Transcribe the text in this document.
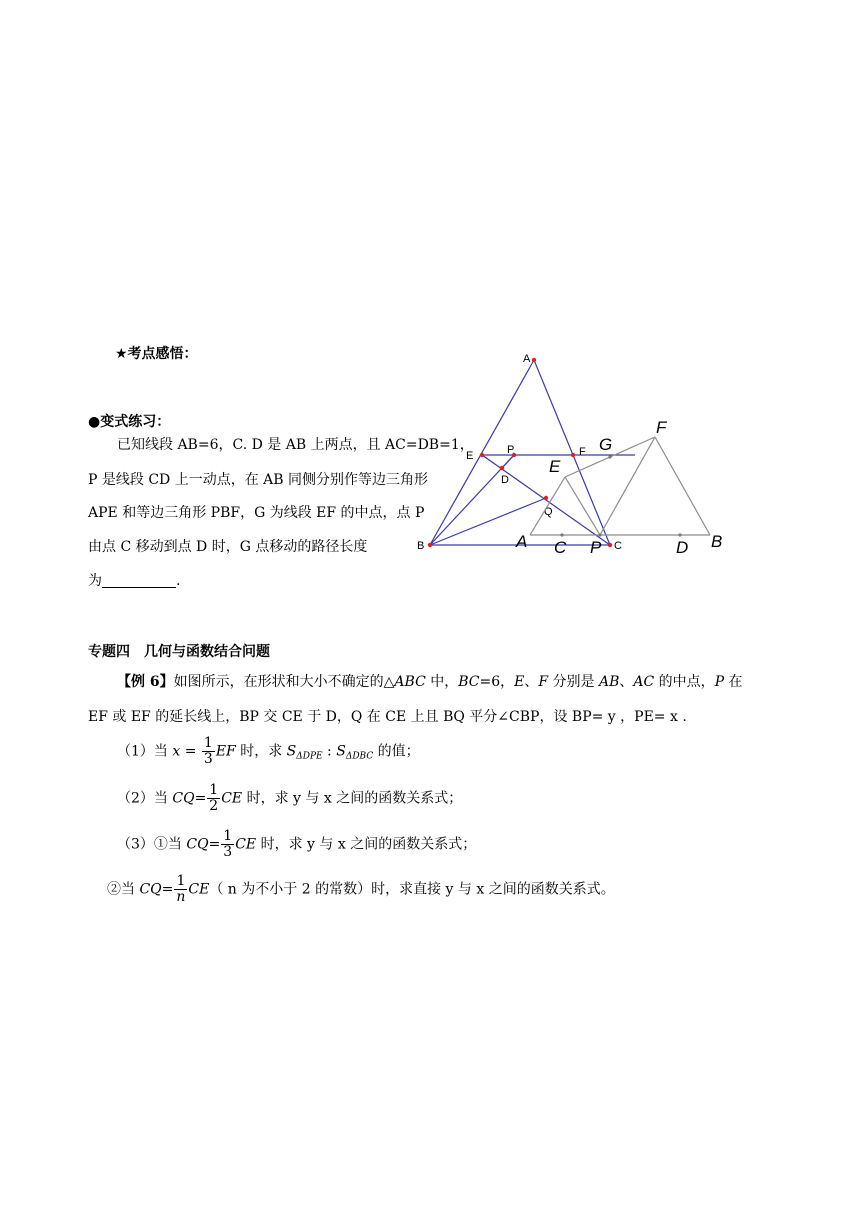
★考点感悟：
●变式练习：
已知线段 AB=6，C. D 是 AB 上两点，且 AC=DB=1，
P 是线段 CD 上一动点，在 AB 同侧分别作等边三角形
APE 和等边三角形 PBF，G 为线段 EF 的中点，点 P
由点 C 移动到点 D 时，G 点移动的路径长度
为	.
A
B	C
D
E	F
P
Q
F
G
E
A C P	D B
专题四　几何与函数结合问题
【例 6】如图所示，在形状和大小不确定的△ABC 中，BC=6，E、F 分别是 AB、AC 的中点，P 在
EF 或 EF 的延长线上，BP 交 CE 于 D，Q 在 CE 上且 BQ 平分∠CBP，设 BP= y ，PE= x .
（1）当 $x = \frac{1}{3}$ EF 时，求 $S_{\Delta DPE}$ : $S_{\Delta DBC}$ 的值；
（2）当 $CQ= \frac{1}{2}$ CE 时，求 y 与 x 之间的函数关系式；
（3）①当 $CQ= \frac{1}{3}$ CE 时，求 y 与 x 之间的函数关系式；
②当 $CQ= \frac{1}{n} CE$（ n 为不小于 2 的常数）时，求直接 y 与 x 之间的函数关系式。
